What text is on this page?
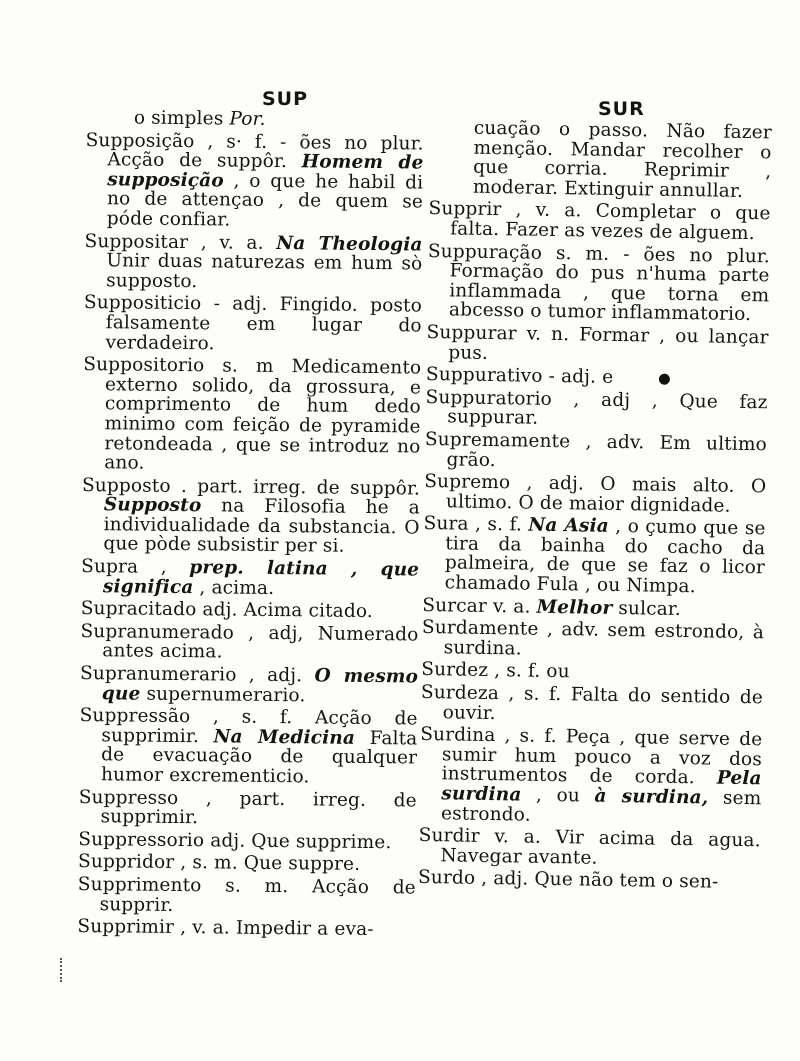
SUP	SUR

o simples Por.

Supposição , s· f. - ões no plur. Acção de suppôr. Homem de supposição , o que he habil di no de attençao , de quem se póde confiar.

Suppositar , v. a. Na Theologia Unir duas naturezas em hum sò supposto.

Suppositicio - adj. Fingido. posto falsamente em lugar do verdadeiro.

Suppositorio s. m Medicamento externo solido, da grossura, e comprimento de hum dedo minimo com feição de pyramide retondeada , que se introduz no ano.

Supposto . part. irreg. de suppôr. Supposto na Filosofia he a individualidade da substancia. O que pòde subsistir per si.

Supra , prep. latina , que significa , acima.

Supracitado adj. Acima citado.

Supranumerado , adj, Numerado antes acima.

Supranumerario , adj. O mesmo que supernumerario.

Suppressão , s. f. Acção de supprimir. Na Medicina Falta de evacuação de qualquer humor excrementicio.

Suppresso , part. irreg. de supprimir.

Suppressorio adj. Que supprime.

Suppridor , s. m. Que suppre.

Supprimento s. m. Acção de supprir.

Supprimir , v. a. Impedir a eva-

cuação o passo. Não fazer menção. Mandar recolher o que corria. Reprimir , moderar. Extinguir annullar.

Supprir , v. a. Completar o que falta. Fazer as vezes de alguem.

Suppuração s. m. - ões no plur. Formação do pus n'huma parte inflammada , que torna em abcesso o tumor inflammatorio.

Suppurar v. n. Formar , ou lançar pus.

Suppurativo - adj. e

Suppuratorio , adj , Que faz suppurar.

Supremamente , adv. Em ultimo grão.

Supremo , adj. O mais alto. O ultimo. O de maior dignidade.

Sura , s. f. Na Asia , o çumo que se tira da bainha do cacho da palmeira, de que se faz o licor chamado Fula , ou Nimpa.

Surcar v. a. Melhor sulcar.

Surdamente , adv. sem estrondo, à surdina.

Surdez , s. f. ou

Surdeza , s. f. Falta do sentido de ouvir.

Surdina , s. f. Peça , que serve de sumir hum pouco a voz dos instrumentos de corda. Pela surdina , ou à surdina, sem estrondo.

Surdir v. a. Vir acima da agua. Navegar avante.

Surdo , adj. Que não tem o sen-
